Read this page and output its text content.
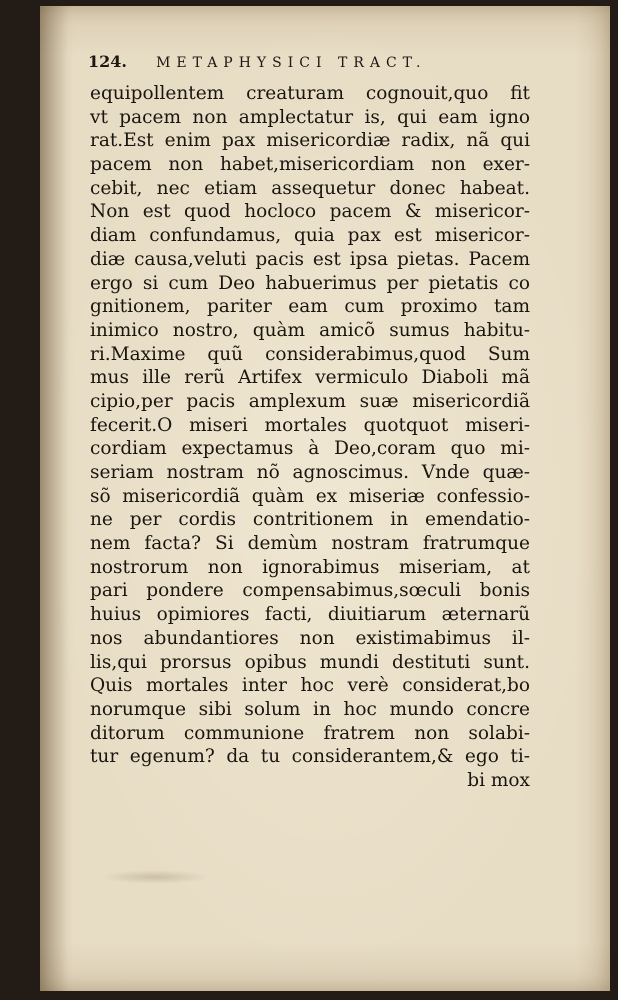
124. METAPHYSICI TRACT.
equipollentem creaturam cognouit,quo fit
vt pacem non amplectatur is, qui eam igno
rat.Est enim pax misericordiæ radix, nã qui
pacem non habet,misericordiam non exer-
cebit, nec etiam assequetur donec habeat.
Non est quod hocloco pacem & misericor-
diam confundamus, quia pax est misericor-
diæ causa,veluti pacis est ipsa pietas. Pacem
ergo si cum Deo habuerimus per pietatis co
gnitionem, pariter eam cum proximo tam
inimico nostro, quàm amicõ sumus habitu-
ri.Maxime quũ considerabimus,quod Sum
mus ille rerũ Artifex vermiculo Diaboli mã
cipio,per pacis amplexum suæ misericordiã
fecerit.O miseri mortales quotquot miseri-
cordiam expectamus à Deo,coram quo mi-
seriam nostram nõ agnoscimus. Vnde quæ-
sõ misericordiã quàm ex miseriæ confessio-
ne per cordis contritionem in emendatio-
nem facta? Si demùm nostram fratrumque
nostrorum non ignorabimus miseriam, at
pari pondere compensabimus,sœculi bonis
huius opimiores facti, diuitiarum æternarũ
nos abundantiores non existimabimus il-
lis,qui prorsus opibus mundi destituti sunt.
Quis mortales inter hoc verè considerat,bo
norumque sibi solum in hoc mundo concre
ditorum communione fratrem non solabi-
tur egenum? da tu considerantem,& ego ti-
bi mox
